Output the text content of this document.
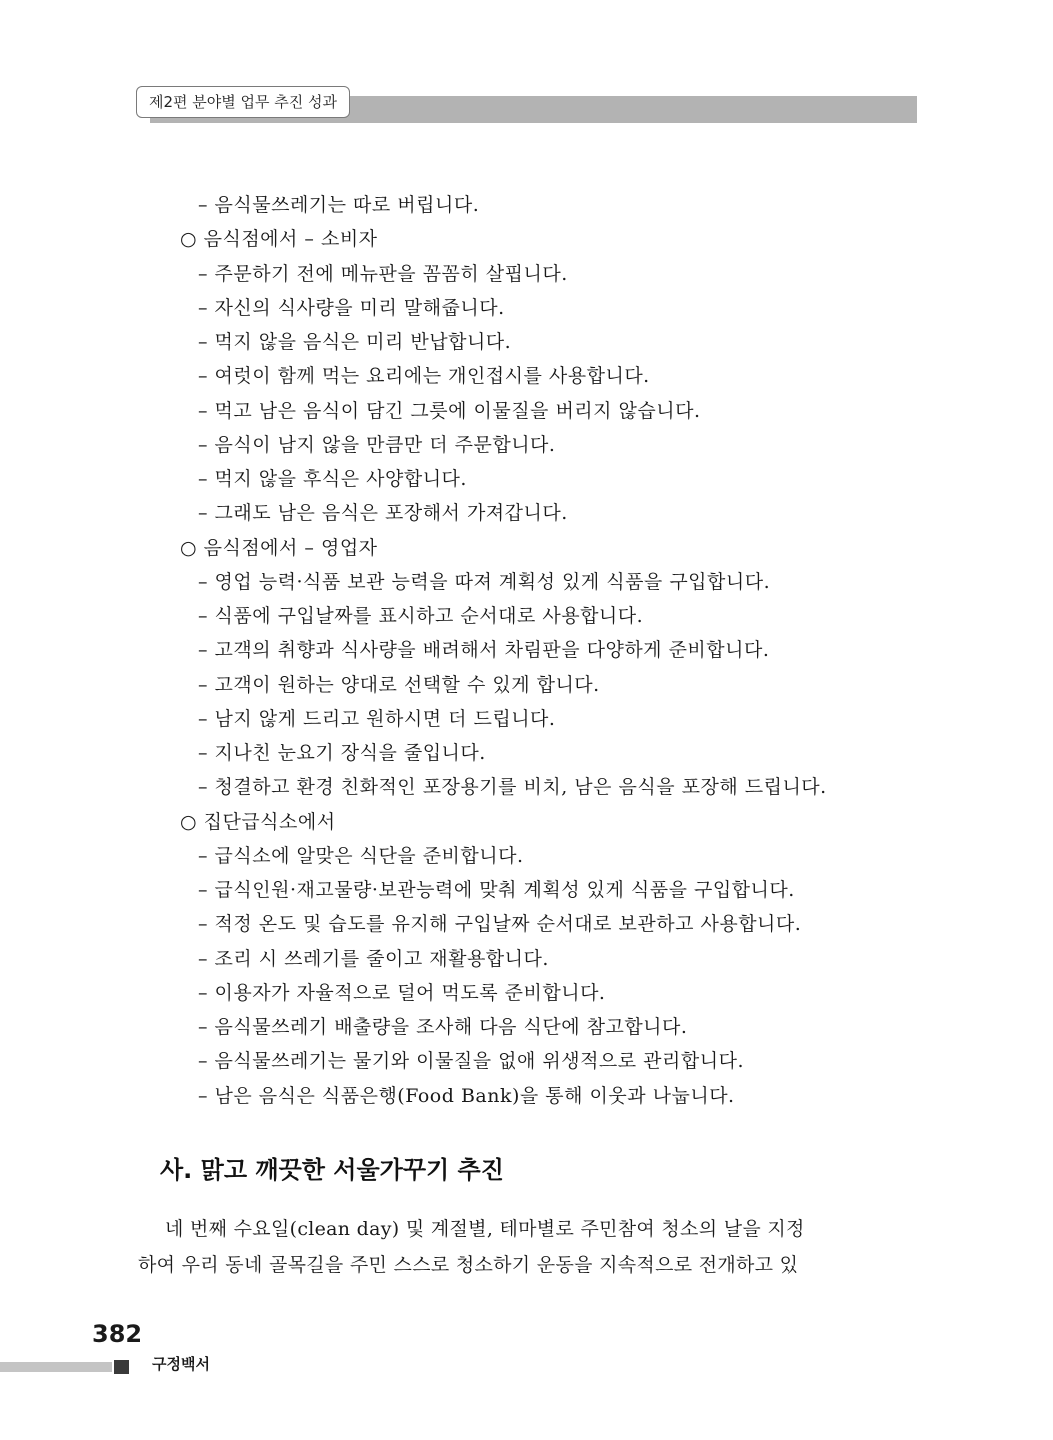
제2편 분야별 업무 추진 성과
– 음식물쓰레기는 따로 버립니다.
○ 음식점에서 – 소비자
– 주문하기 전에 메뉴판을 꼼꼼히 살핍니다.
– 자신의 식사량을 미리 말해줍니다.
– 먹지 않을 음식은 미리 반납합니다.
– 여럿이 함께 먹는 요리에는 개인접시를 사용합니다.
– 먹고 남은 음식이 담긴 그릇에 이물질을 버리지 않습니다.
– 음식이 남지 않을 만큼만 더 주문합니다.
– 먹지 않을 후식은 사양합니다.
– 그래도 남은 음식은 포장해서 가져갑니다.
○ 음식점에서 – 영업자
– 영업 능력·식품 보관 능력을 따져 계획성 있게 식품을 구입합니다.
– 식품에 구입날짜를 표시하고 순서대로 사용합니다.
– 고객의 취향과 식사량을 배려해서 차림판을 다양하게 준비합니다.
– 고객이 원하는 양대로 선택할 수 있게 합니다.
– 남지 않게 드리고 원하시면 더 드립니다.
– 지나친 눈요기 장식을 줄입니다.
– 청결하고 환경 친화적인 포장용기를 비치, 남은 음식을 포장해 드립니다.
○ 집단급식소에서
– 급식소에 알맞은 식단을 준비합니다.
– 급식인원·재고물량·보관능력에 맞춰 계획성 있게 식품을 구입합니다.
– 적정 온도 및 습도를 유지해 구입날짜 순서대로 보관하고 사용합니다.
– 조리 시 쓰레기를 줄이고 재활용합니다.
– 이용자가 자율적으로 덜어 먹도록 준비합니다.
– 음식물쓰레기 배출량을 조사해 다음 식단에 참고합니다.
– 음식물쓰레기는 물기와 이물질을 없애 위생적으로 관리합니다.
– 남은 음식은 식품은행(Food Bank)을 통해 이웃과 나눕니다.
사. 맑고 깨끗한 서울가꾸기 추진
네 번째 수요일(clean day) 및 계절별, 테마별로 주민참여 청소의 날을 지정
하여 우리 동네 골목길을 주민 스스로 청소하기 운동을 지속적으로 전개하고 있
382
구정백서
